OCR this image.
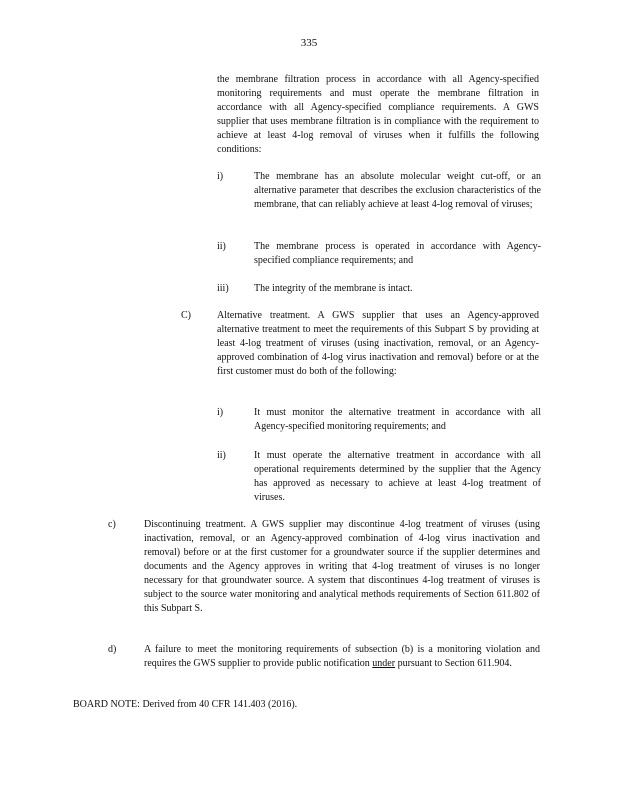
335
the membrane filtration process in accordance with all Agency-specified monitoring requirements and must operate the membrane filtration in accordance with all Agency-specified compliance requirements. A GWS supplier that uses membrane filtration is in compliance with the requirement to achieve at least 4-log removal of viruses when it fulfills the following conditions:
i)	The membrane has an absolute molecular weight cut-off, or an alternative parameter that describes the exclusion characteristics of the membrane, that can reliably achieve at least 4-log removal of viruses;
ii)	The membrane process is operated in accordance with Agency-specified compliance requirements; and
iii)	The integrity of the membrane is intact.
C)	Alternative treatment. A GWS supplier that uses an Agency-approved alternative treatment to meet the requirements of this Subpart S by providing at least 4-log treatment of viruses (using inactivation, removal, or an Agency-approved combination of 4-log virus inactivation and removal) before or at the first customer must do both of the following:
i)	It must monitor the alternative treatment in accordance with all Agency-specified monitoring requirements; and
ii)	It must operate the alternative treatment in accordance with all operational requirements determined by the supplier that the Agency has approved as necessary to achieve at least 4-log treatment of viruses.
c)	Discontinuing treatment. A GWS supplier may discontinue 4-log treatment of viruses (using inactivation, removal, or an Agency-approved combination of 4-log virus inactivation and removal) before or at the first customer for a groundwater source if the supplier determines and documents and the Agency approves in writing that 4-log treatment of viruses is no longer necessary for that groundwater source. A system that discontinues 4-log treatment of viruses is subject to the source water monitoring and analytical methods requirements of Section 611.802 of this Subpart S.
d)	A failure to meet the monitoring requirements of subsection (b) is a monitoring violation and requires the GWS supplier to provide public notification under pursuant to Section 611.904.
BOARD NOTE: Derived from 40 CFR 141.403 (2016).
